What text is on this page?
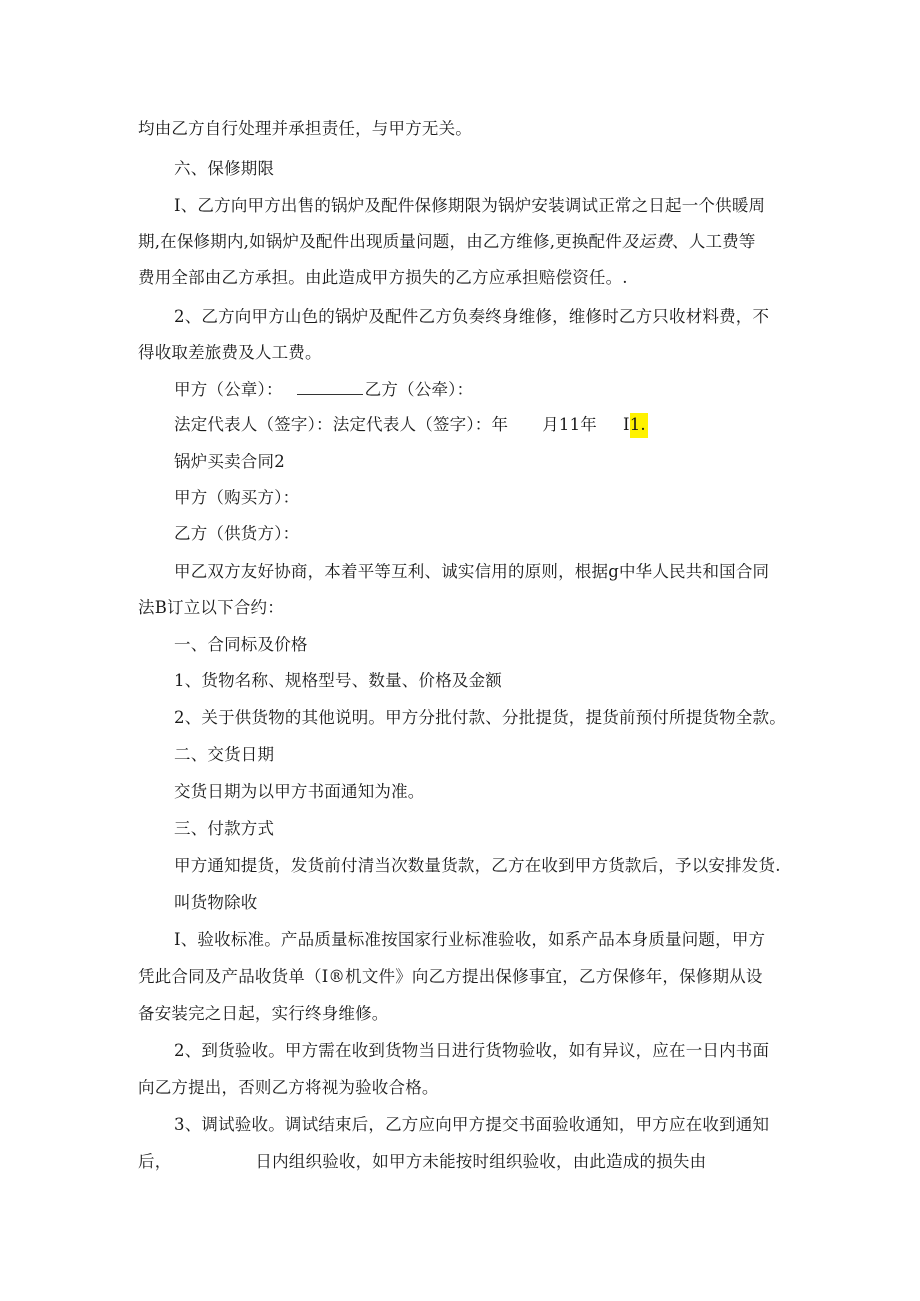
均由乙方自行处理并承担责任，与甲方无关。
六、保修期限
I、乙方向甲方出售的锅炉及配件保修期限为锅炉安装调试正常之日起一个供暖周
期,在保修期内,如锅炉及配件出现质量问题，由乙方维修,更换配件及运费、人工费等
费用全部由乙方承担。由此造成甲方损失的乙方应承担赔偿资任。.
2、乙方向甲方山色的锅炉及配件乙方负奏终身维修，维修时乙方只收材料费，不
得收取差旅费及人工费。
甲方（公章）：	乙方（公牵）：
法定代表人（签字）：法定代表人（签字）：年 月11年 I1.
锅炉买卖合同2
甲方（购买方）：
乙方（供货方）：
甲乙双方友好协商，本着平等互利、诚实信用的原则，根据g中华人民共和国合同
法B订立以下合约：
一、合同标及价格
1、货物名称、规格型号、数量、价格及金额
2、关于供货物的其他说明。甲方分批付款、分批提货，提货前预付所提货物全款。
二、交货日期
交货日期为以甲方书面通知为准。
三、付款方式
甲方通知提货，发货前付清当次数量货款，乙方在收到甲方货款后，予以安排发货.
叫货物除收
I、验收标准。产品质量标准按国家行业标准验收，如系产品本身质量问题，甲方
凭此合同及产品收货单（I®机文件》向乙方提出保修事宜，乙方保修年，保修期从设
备安装完之日起，实行终身维修。
2、到货验收。甲方需在收到货物当日进行货物验收，如有异议，应在一日内书面
向乙方提出，否则乙方将视为验收合格。
3、调试验收。调试结束后，乙方应向甲方提交书面验收通知，甲方应在收到通知
后，	日内组织验收，如甲方未能按时组织验收，由此造成的损失由
